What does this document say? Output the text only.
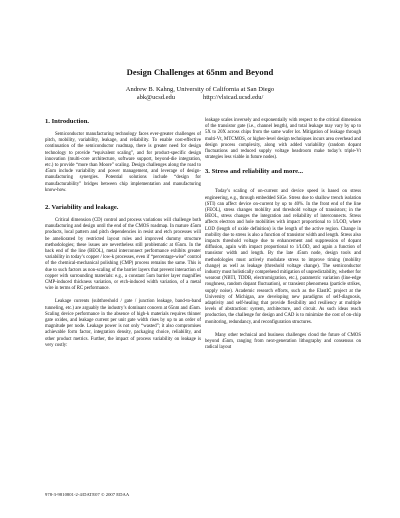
Design Challenges at 65nm and Beyond
Andrew B. Kahng, University of California at San Diego
abk@ucsd.edu	http://vlsicad.ucsd.edu/
1. Introduction.

Semiconductor manufacturing technology faces ever-greater challenges of pitch, mobility, variability, leakage, and reliability. To enable cost-effective continuation of the semiconductor roadmap, there is greater need for design technology to provide “equivalent scaling”, and for product-specific design innovation (multi-core architecture, software support, beyond-die integration, etc.) to provide “more than Moore” scaling. Design challenges along the road to 45nm include variability and power management, and leverage of design-manufacturing synergies. Potential solutions include “design for manufacturability” bridges between chip implementation and manufacturing know-how.

2. Variability and leakage.

Critical dimension (CD) control and process variations will challenge both manufacturing and design until the end of the CMOS roadmap. In mature 45nm products, local pattern and pitch dependencies in resist and etch processes will be ameliorated by restricted layout rules and improved dummy structure methodologies; these issues are nevertheless still problematic at 65nm. In the back end of the line (BEOL), metal interconnect performance exhibits greater variability in today’s copper / low-k processes, even if “percentage-wise” control of the chemical-mechanical polishing (CMP) process remains the same. This is due to such factors as non-scaling of the barrier layers that prevent interaction of copper with surrounding materials: e.g., a constant 5um barrier layer magnifies CMP-induced thickness variation, or etch-induced width variation, of a metal wire in terms of RC performance.

Leakage currents (subthreshold / gate / junction leakage, band-to-band tunneling, etc.) are arguably the industry’s dominant concern at 65nm and 45nm. Scaling device performance in the absence of high-k materials requires thinner gate oxides, and leakage current per unit gate width rises by up to an order of magnitude per node. Leakage power is not only “wasted”; it also compromises achievable form factor, integration density, packaging choice, reliability, and other product metrics. Further, the impact of process variability on leakage is very costly:

leakage scales inversely and exponentially with respect to the critical dimension of the transistor gate (i.e., channel length), and total leakage may vary by up to 5X to 20X across chips from the same wafer lot. Mitigation of leakage through multi-Vt, MTCMOS, or higher-level design techniques incurs area overhead and design process complexity, along with added variability (random dopant fluctuations and reduced supply voltage headroom make today’s triple-Vt strategies less viable in future nodes).

3. Stress and reliability and more...

Today’s scaling of on-current and device speed is based on stress engineering, e.g., through embedded SiGe. Stress due to shallow trench isolation (STI) can affect device on-current by up to 40%. In the front end of the line (FEOL), stress changes mobility and threshold voltage of transistors; in the BEOL, stress changes the integration and reliability of interconnects. Stress affects electron and hole mobilities with impact proportional to 1/LOD, where LOD (length of oxide definition) is the length of the active region. Change in mobility due to stress is also a function of transistor width and length. Stress also impacts threshold voltage due to enhancement and suppression of dopant diffusion, again with impact proportional to 1/LOD, and again a function of transistor width and length. By the late 45nm node, design tools and methodologies must actively modulate stress to improve timing (mobility change) as well as leakage (threshold voltage change). The semiconductor industry must holistically comprehend mitigation of unpredictability, whether for wearout (NBTI, TDDB, electromigration, etc.), parametric variation (line-edge roughness, random dopant fluctuation), or transient phenomena (particle strikes, supply noise). Academic research efforts, such as the ElastIC project at the University of Michigan, are developing new paradigms of self-diagnosis, adaptivity and self-healing that provide flexibility and resiliency at multiple levels of abstraction: system, architecture, and circuit. As such ideas reach production, the challenge for design and CAD is to minimize the cost of on-chip monitoring, redundancy, and reconfiguration structures.

Many other technical and business challenges cloud the future of CMOS beyond 45nm, ranging from next-generation lithography and consensus on radical layout

978-3-9810801-2-4/DATE07 © 2007 EDAA
